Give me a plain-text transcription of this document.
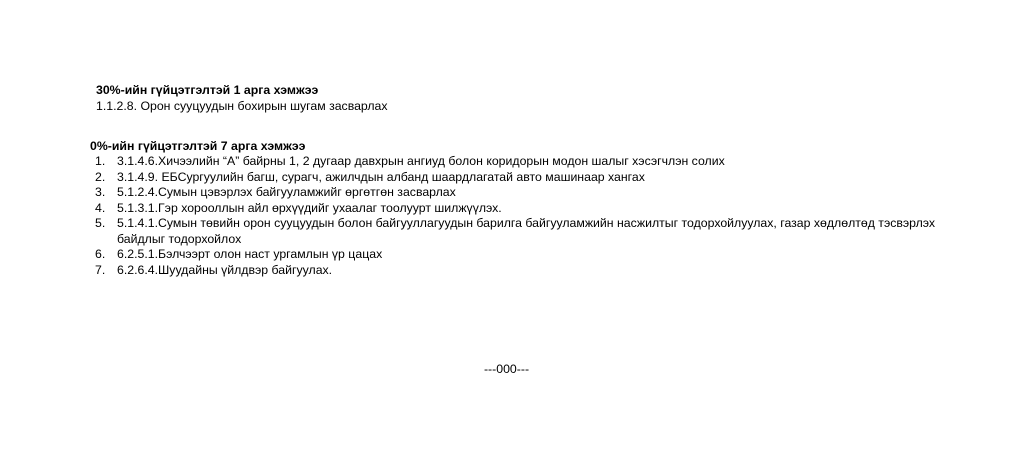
30%-ийн гүйцэтгэлтэй 1 арга хэмжээ
1.1.2.8. Орон сууцуудын бохирын шугам засварлах
0%-ийн гүйцэтгэлтэй 7 арга хэмжээ
1. 3.1.4.6.Хичээлийн “А” байрны 1, 2 дугаар давхрын ангиуд болон коридорын модон шалыг хэсэгчлэн солих
2. 3.1.4.9. ЕБСургуулийн багш, сурагч, ажилчдын албанд шаардлагатай авто машинаар хангах
3. 5.1.2.4.Сумын цэвэрлэх байгууламжийг өргөтгөн засварлах
4. 5.1.3.1.Гэр хорооллын айл өрхүүдийг ухаалаг тоолуурт шилжүүлэх.
5. 5.1.4.1.Сумын төвийн орон сууцуудын болон байгууллагуудын барилга байгууламжийн насжилтыг тодорхойлуулах, газар хөдлөлтөд тэсвэрлэх байдлыг тодорхойлох
6. 6.2.5.1.Бэлчээрт олон наст ургамлын үр цацах
7. 6.2.6.4.Шуудайны үйлдвэр байгуулах.
---000---
